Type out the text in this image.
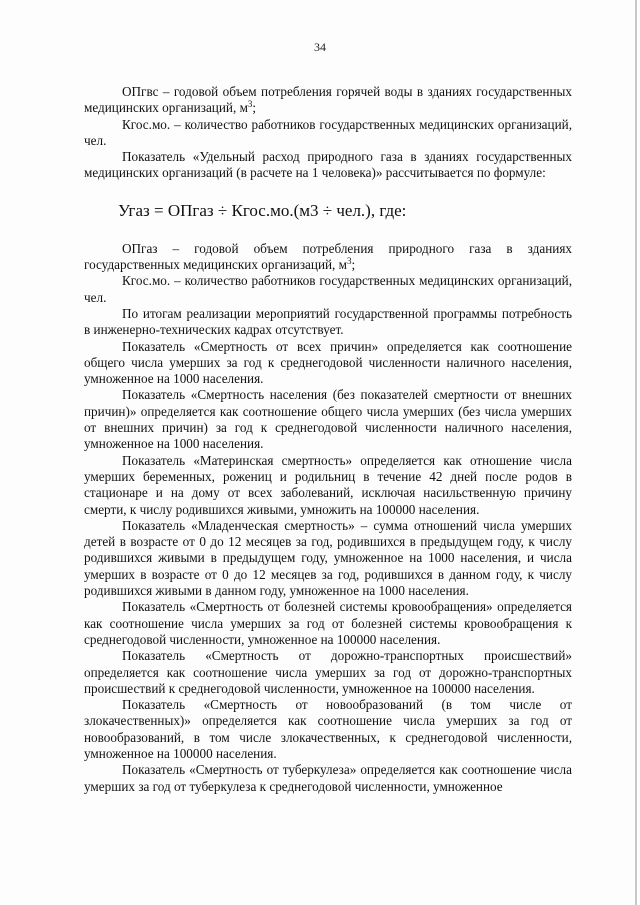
34

ОПгвс – годовой объем потребления горячей воды в зданиях государственных медицинских организаций, $м^3$;

Кгос.мо. – количество работников государственных медицинских организаций, чел.

Показатель «Удельный расход природного газа в зданиях государственных медицинских организаций (в расчете на 1 человека)» рассчитывается по формуле:

Угаз = ОПгаз ÷ Кгос.мо.(м3 ÷ чел.), где:

ОПгаз – годовой объем потребления природного газа в зданиях государственных медицинских организаций, $м^3$;

Кгос.мо. – количество работников государственных медицинских организаций, чел.

По итогам реализации мероприятий государственной программы потребность в инженерно-технических кадрах отсутствует.

Показатель «Смертность от всех причин» определяется как соотношение общего числа умерших за год к среднегодовой численности наличного населения, умноженное на 1000 населения.

Показатель «Смертность населения (без показателей смертности от внешних причин)» определяется как соотношение общего числа умерших (без числа умерших от внешних причин) за год к среднегодовой численности наличного населения, умноженное на 1000 населения.

Показатель «Материнская смертность» определяется как отношение числа умерших беременных, рожениц и родильниц в течение 42 дней после родов в стационаре и на дому от всех заболеваний, исключая насильственную причину смерти, к числу родившихся живыми, умножить на 100000 населения.

Показатель «Младенческая смертность» – сумма отношений числа умерших детей в возрасте от 0 до 12 месяцев за год, родившихся в предыдущем году, к числу родившихся живыми в предыдущем году, умноженное на 1000 населения, и числа умерших в возрасте от 0 до 12 месяцев за год, родившихся в данном году, к числу родившихся живыми в данном году, умноженное на 1000 населения.

Показатель «Смертность от болезней системы кровообращения» определяется как соотношение числа умерших за год от болезней системы кровообращения к среднегодовой численности, умноженное на 100000 населения.

Показатель «Смертность от дорожно-транспортных происшествий» определяется как соотношение числа умерших за год от дорожно-транспортных происшествий к среднегодовой численности, умноженное на 100000 населения.

Показатель «Смертность от новообразований (в том числе от злокачественных)» определяется как соотношение числа умерших за год от новообразований, в том числе злокачественных, к среднегодовой численности, умноженное на 100000 населения.

Показатель «Смертность от туберкулеза» определяется как соотношение числа умерших за год от туберкулеза к среднегодовой численности, умноженное
